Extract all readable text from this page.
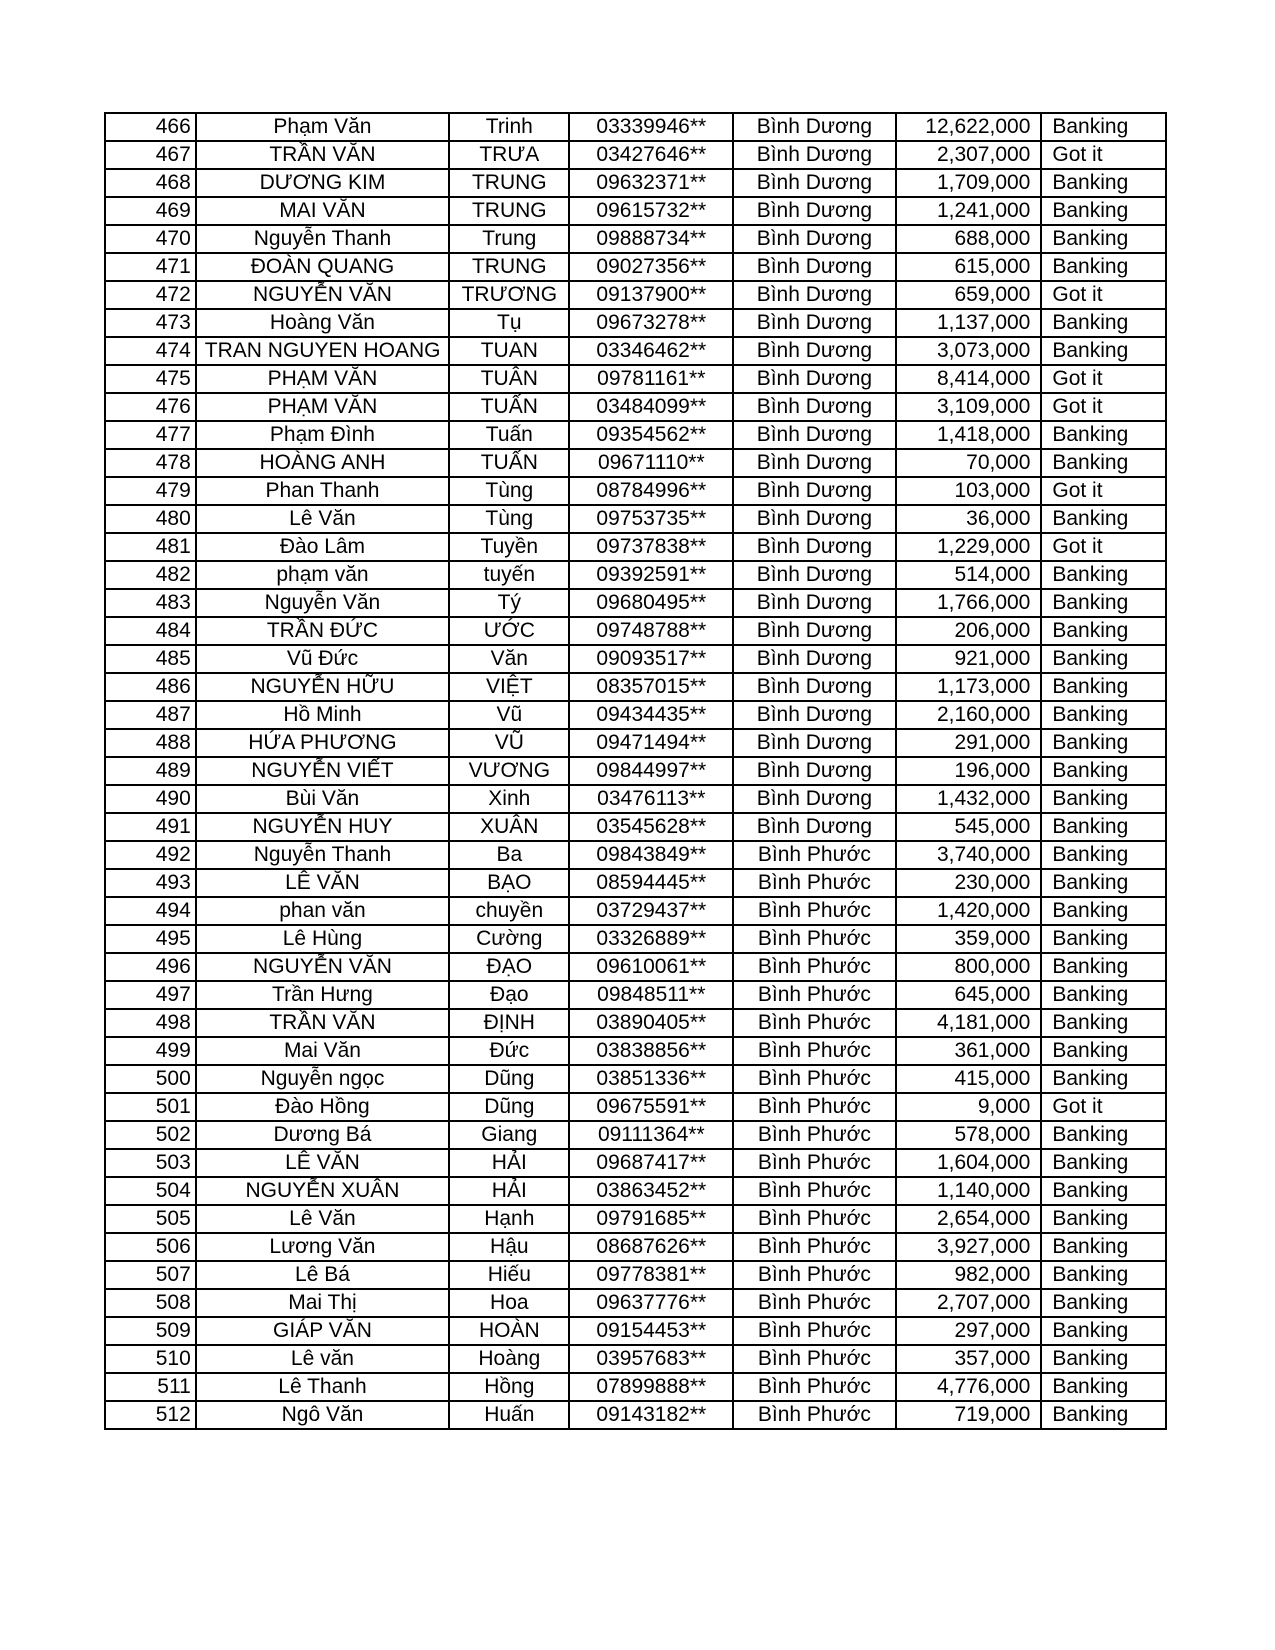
466	Phạm Văn	Trinh	03339946**	Bình Dương	12,622,000	Banking
467	TRẦN VĂN	TRƯA	03427646**	Bình Dương	2,307,000	Got it
468	DƯƠNG KIM	TRUNG	09632371**	Bình Dương	1,709,000	Banking
469	MAI VĂN	TRUNG	09615732**	Bình Dương	1,241,000	Banking
470	Nguyễn Thanh	Trung	09888734**	Bình Dương	688,000	Banking
471	ĐOÀN QUANG	TRUNG	09027356**	Bình Dương	615,000	Banking
472	NGUYỄN VĂN	TRƯƠNG	09137900**	Bình Dương	659,000	Got it
473	Hoàng Văn	Tụ	09673278**	Bình Dương	1,137,000	Banking
474	TRAN NGUYEN HOANG	TUAN	03346462**	Bình Dương	3,073,000	Banking
475	PHẠM VĂN	TUÂN	09781161**	Bình Dương	8,414,000	Got it
476	PHẠM VĂN	TUẤN	03484099**	Bình Dương	3,109,000	Got it
477	Phạm Đình	Tuấn	09354562**	Bình Dương	1,418,000	Banking
478	HOÀNG ANH	TUẤN	09671110**	Bình Dương	70,000	Banking
479	Phan Thanh	Tùng	08784996**	Bình Dương	103,000	Got it
480	Lê Văn	Tùng	09753735**	Bình Dương	36,000	Banking
481	Đào Lâm	Tuyền	09737838**	Bình Dương	1,229,000	Got it
482	phạm văn	tuyến	09392591**	Bình Dương	514,000	Banking
483	Nguyễn Văn	Tý	09680495**	Bình Dương	1,766,000	Banking
484	TRẦN ĐỨC	ƯỚC	09748788**	Bình Dương	206,000	Banking
485	Vũ Đức	Văn	09093517**	Bình Dương	921,000	Banking
486	NGUYỄN HỮU	VIỆT	08357015**	Bình Dương	1,173,000	Banking
487	Hồ Minh	Vũ	09434435**	Bình Dương	2,160,000	Banking
488	HỨA PHƯƠNG	VŨ	09471494**	Bình Dương	291,000	Banking
489	NGUYỄN VIẾT	VƯƠNG	09844997**	Bình Dương	196,000	Banking
490	Bùi Văn	Xinh	03476113**	Bình Dương	1,432,000	Banking
491	NGUYỄN HUY	XUÂN	03545628**	Bình Dương	545,000	Banking
492	Nguyễn Thanh	Ba	09843849**	Bình Phước	3,740,000	Banking
493	LÊ VĂN	BẠO	08594445**	Bình Phước	230,000	Banking
494	phan văn	chuyền	03729437**	Bình Phước	1,420,000	Banking
495	Lê Hùng	Cường	03326889**	Bình Phước	359,000	Banking
496	NGUYỄN VĂN	ĐẠO	09610061**	Bình Phước	800,000	Banking
497	Trần Hưng	Đạo	09848511**	Bình Phước	645,000	Banking
498	TRẦN VĂN	ĐỊNH	03890405**	Bình Phước	4,181,000	Banking
499	Mai Văn	Đức	03838856**	Bình Phước	361,000	Banking
500	Nguyễn ngọc	Dũng	03851336**	Bình Phước	415,000	Banking
501	Đào Hồng	Dũng	09675591**	Bình Phước	9,000	Got it
502	Dương Bá	Giang	09111364**	Bình Phước	578,000	Banking
503	LÊ VĂN	HẢI	09687417**	Bình Phước	1,604,000	Banking
504	NGUYỄN XUÂN	HẢI	03863452**	Bình Phước	1,140,000	Banking
505	Lê Văn	Hạnh	09791685**	Bình Phước	2,654,000	Banking
506	Lương Văn	Hậu	08687626**	Bình Phước	3,927,000	Banking
507	Lê Bá	Hiếu	09778381**	Bình Phước	982,000	Banking
508	Mai Thị	Hoa	09637776**	Bình Phước	2,707,000	Banking
509	GIÁP VĂN	HOÀN	09154453**	Bình Phước	297,000	Banking
510	Lê văn	Hoàng	03957683**	Bình Phước	357,000	Banking
511	Lê Thanh	Hồng	07899888**	Bình Phước	4,776,000	Banking
512	Ngô Văn	Huấn	09143182**	Bình Phước	719,000	Banking
